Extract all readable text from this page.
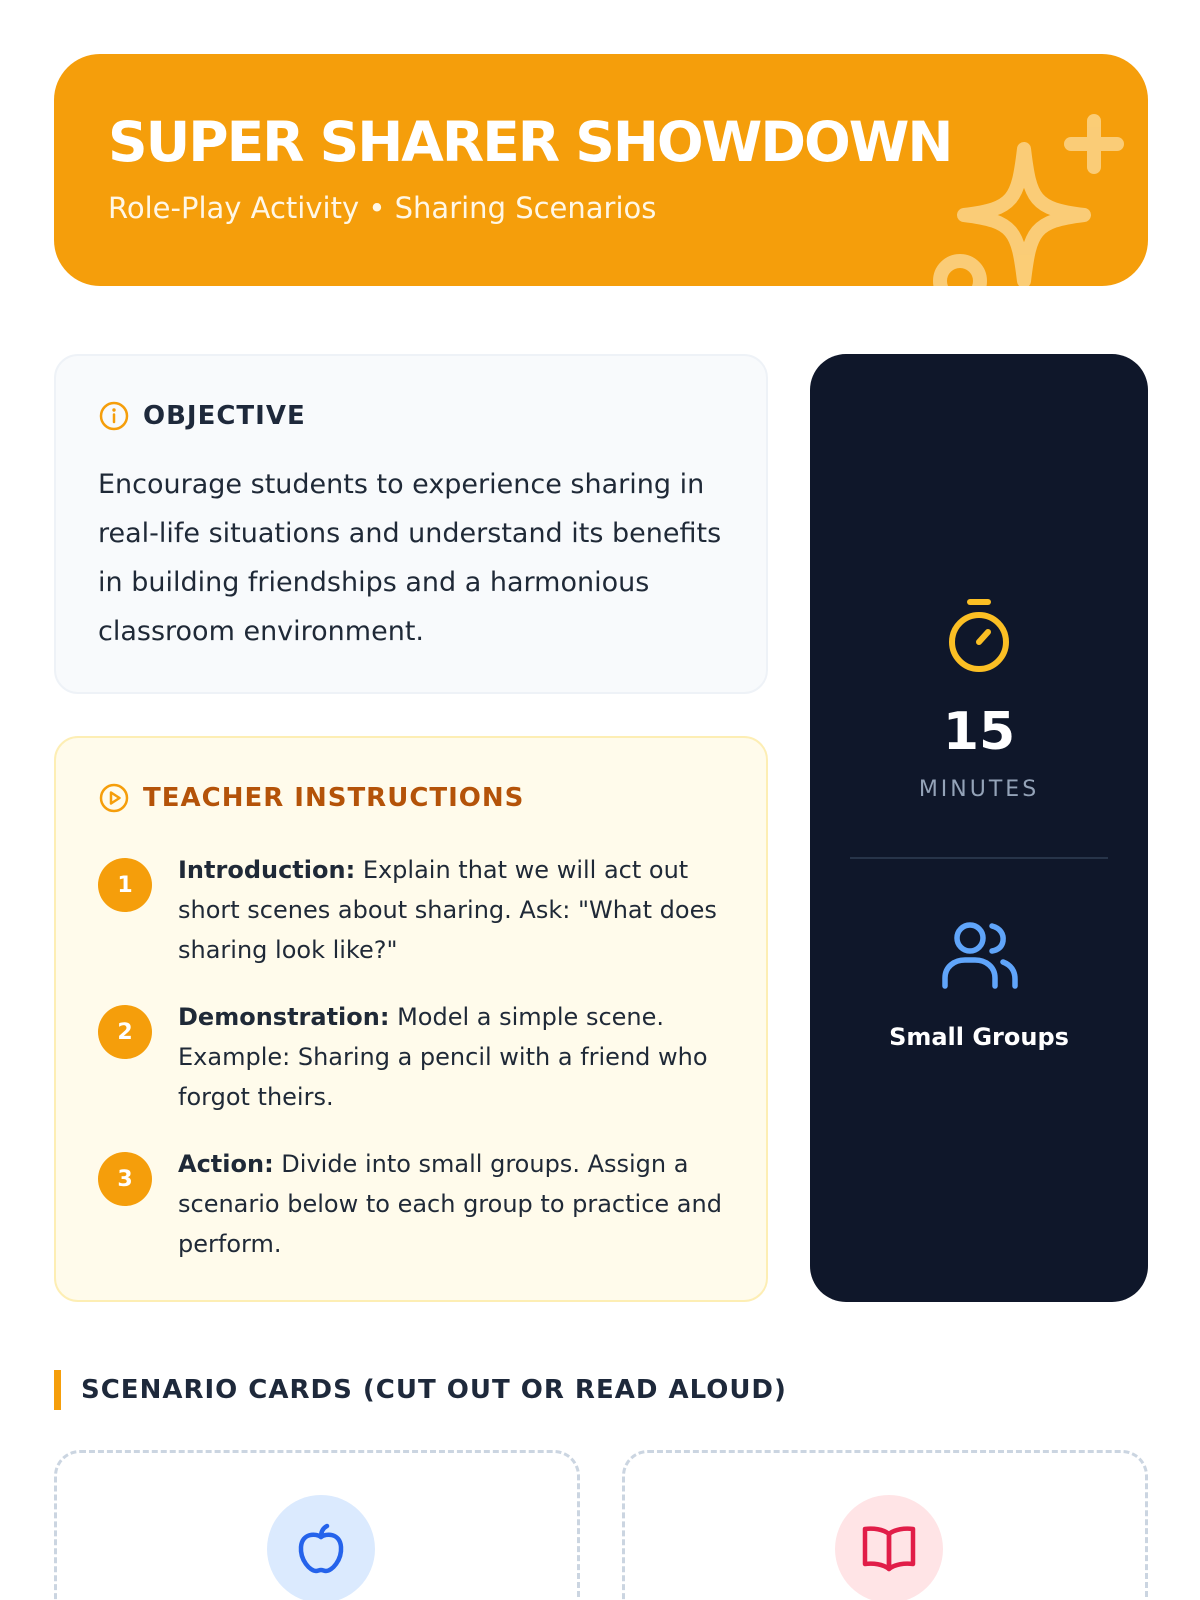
SUPER SHARER SHOWDOWN
Role-Play Activity • Sharing Scenarios
OBJECTIVE
Encourage students to experience sharing in real-life situations and understand its benefits in building friendships and a harmonious classroom environment.
TEACHER INSTRUCTIONS
1
Introduction: Explain that we will act out short scenes about sharing. Ask: "What does sharing look like?"
2
Demonstration: Model a simple scene. Example: Sharing a pencil with a friend who forgot theirs.
3
Action: Divide into small groups. Assign a scenario below to each group to practice and perform.
15
MINUTES
Small Groups
SCENARIO CARDS (CUT OUT OR READ ALOUD)
